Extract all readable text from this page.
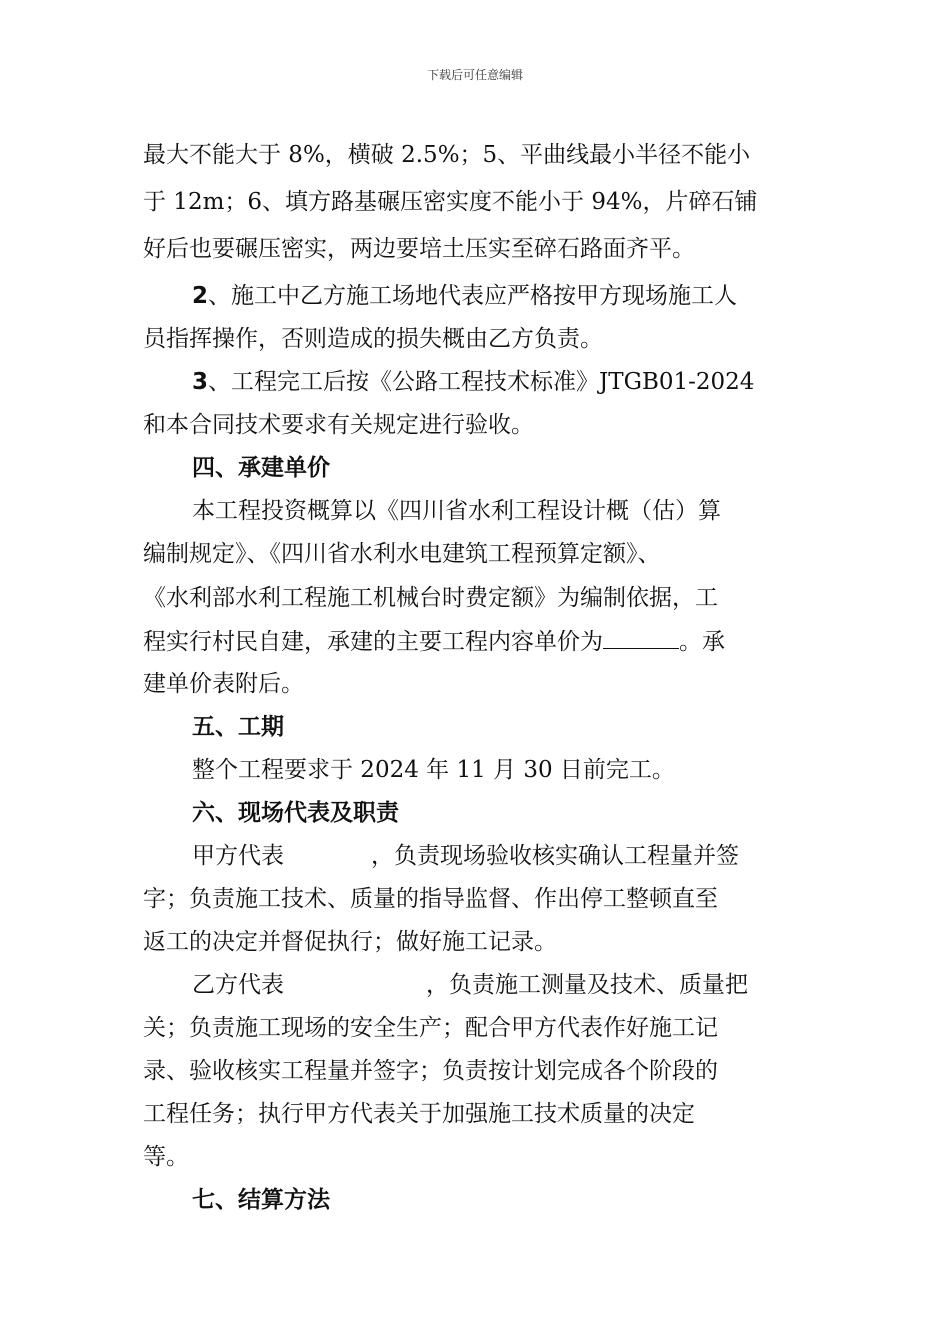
下载后可任意编辑
最大不能大于 8%，横破 2.5%；5、平曲线最小半径不能小
于 12m；6、填方路基碾压密实度不能小于 94%，片碎石铺
好后也要碾压密实，两边要培土压实至碎石路面齐平。
2、施工中乙方施工场地代表应严格按甲方现场施工人
员指挥操作，否则造成的损失概由乙方负责。
3、工程完工后按《公路工程技术标准》JTGB01-2024
和本合同技术要求有关规定进行验收。
四、承建单价
本工程投资概算以《四川省水利工程设计概（估）算
编制规定》、《四川省水利水电建筑工程预算定额》、
《水利部水利工程施工机械台时费定额》为编制依据，工
程实行村民自建，承建的主要工程内容单价为	。承
建单价表附后。
五、工期
整个工程要求于 2024 年 11 月 30 日前完工。
六、现场代表及职责
甲方代表	，负责现场验收核实确认工程量并签
字；负责施工技术、质量的指导监督、作出停工整顿直至
返工的决定并督促执行；做好施工记录。
乙方代表	，负责施工测量及技术、质量把
关；负责施工现场的安全生产；配合甲方代表作好施工记
录、验收核实工程量并签字；负责按计划完成各个阶段的
工程任务；执行甲方代表关于加强施工技术质量的决定
等。
七、结算方法
